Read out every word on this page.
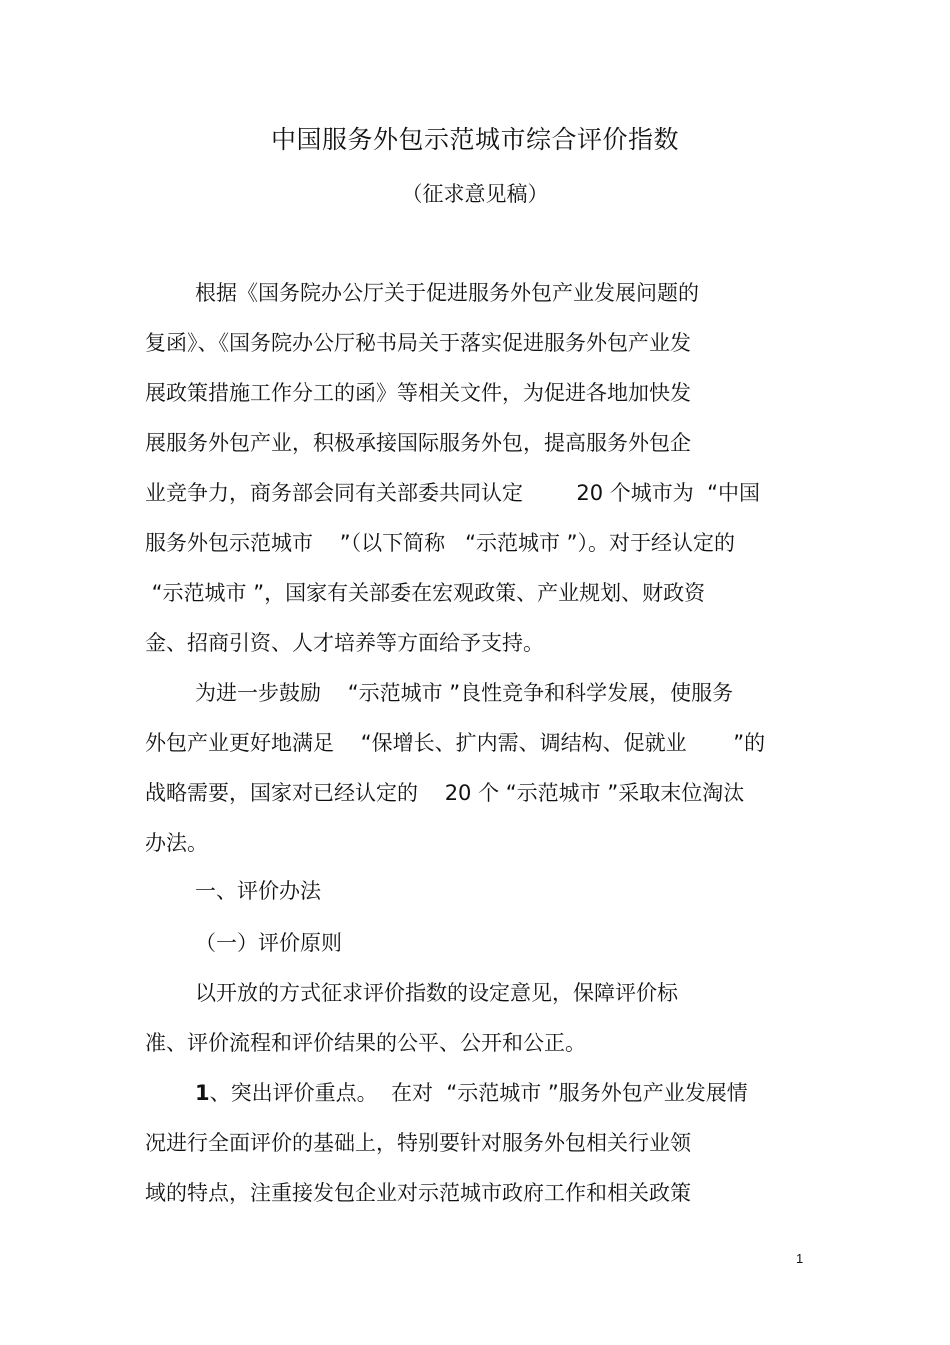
中国服务外包示范城市综合评价指数
（征求意见稿）

根据《国务院办公厅关于促进服务外包产业发展问题的

复函》、《国务院办公厅秘书局关于落实促进服务外包产业发

展政策措施工作分工的函》等相关文件，为促进各地加快发

展服务外包产业，积极承接国际服务外包，提高服务外包企

业竞争力，商务部会同有关部委共同认定        20 个城市为  “中国

服务外包示范城市    ”（以下简称   “示范城市 ”）。对于经认定的

“示范城市 ”，国家有关部委在宏观政策、产业规划、财政资

金、招商引资、人才培养等方面给予支持。

为进一步鼓励    “示范城市 ”良性竞争和科学发展，使服务

外包产业更好地满足    “保增长、扩内需、调结构、促就业       ”的

战略需要，国家对已经认定的    20 个 “示范城市 ”采取末位淘汰

办法。

一、评价办法

（一）评价原则

以开放的方式征求评价指数的设定意见，保障评价标

准、评价流程和评价结果的公平、公开和公正。

1、突出评价重点。  在对  “示范城市 ”服务外包产业发展情

况进行全面评价的基础上，特别要针对服务外包相关行业领

域的特点，注重接发包企业对示范城市政府工作和相关政策

1
